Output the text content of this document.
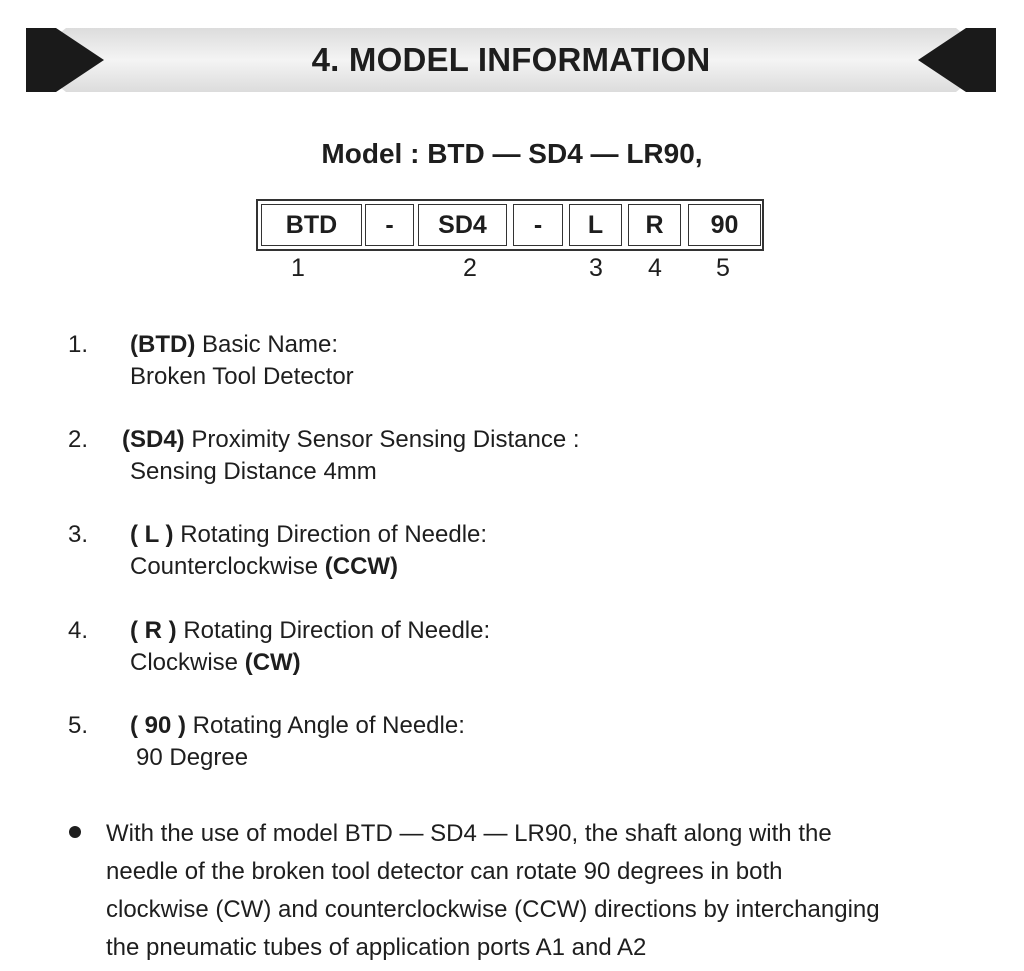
4. MODEL INFORMATION
Model : BTD — SD4 — LR90,
BTD	-	SD4	-	L	R	90
1	2	3	4	5
1. (BTD) Basic Name:
Broken Tool Detector
2. (SD4) Proximity Sensor Sensing Distance :
Sensing Distance 4mm
3. ( L ) Rotating Direction of Needle:
Counterclockwise (CCW)
4. ( R ) Rotating Direction of Needle:
Clockwise (CW)
5. ( 90 ) Rotating Angle of Needle:
90 Degree
With the use of model BTD — SD4 — LR90, the shaft along with the
needle of the broken tool detector can rotate 90 degrees in both
clockwise (CW) and counterclockwise (CCW) directions by interchanging
the pneumatic tubes of application ports A1 and A2
